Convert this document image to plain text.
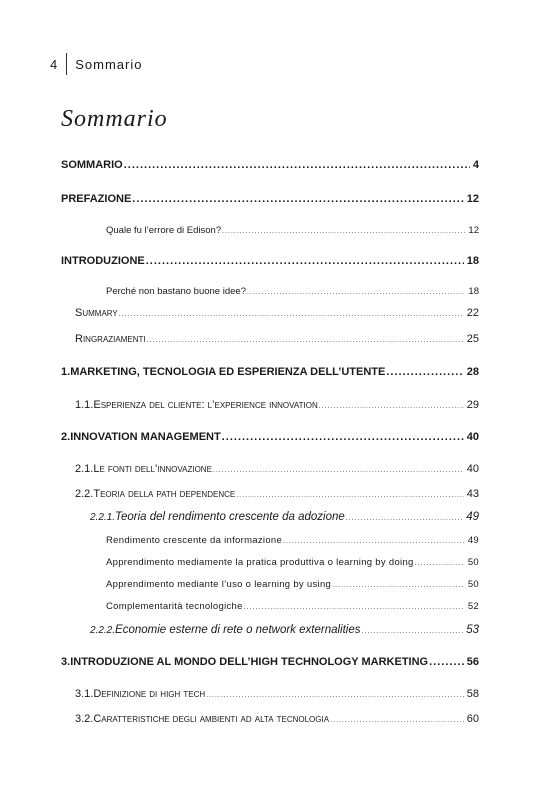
4 Sommario
Sommario
SOMMARIO .....	4
PREFAZIONE .....	12
Quale fu l’errore di Edison? .....	12
INTRODUZIONE .....	18
Perché non bastano buone idee? .....	18
Summary .....	22
Ringraziamenti .....	25
1. MARKETING, TECNOLOGIA ED ESPERIENZA DELL’UTENTE .....	28
1.1. Esperienza del cliente: l’experience innovation .....	29
2. INNOVATION MANAGEMENT .....	40
2.1. Le fonti dell’innovazione .....	40
2.2. Teoria della path dependence .....	43
2.2.1. Teoria del rendimento crescente da adozione .....	49
Rendimento crescente da informazione .....	49
Apprendimento mediamente la pratica produttiva o learning by doing .....	50
Apprendimento mediante l’uso o learning by using .....	50
Complementarità tecnologiche .....	52
2.2.2. Economie esterne di rete o network externalities .....	53
3. INTRODUZIONE AL MONDO DELL’HIGH TECHNOLOGY MARKETING .....	56
3.1. Definizione di high tech .....	58
3.2. Caratteristiche degli ambienti ad alta tecnologia .....	60
